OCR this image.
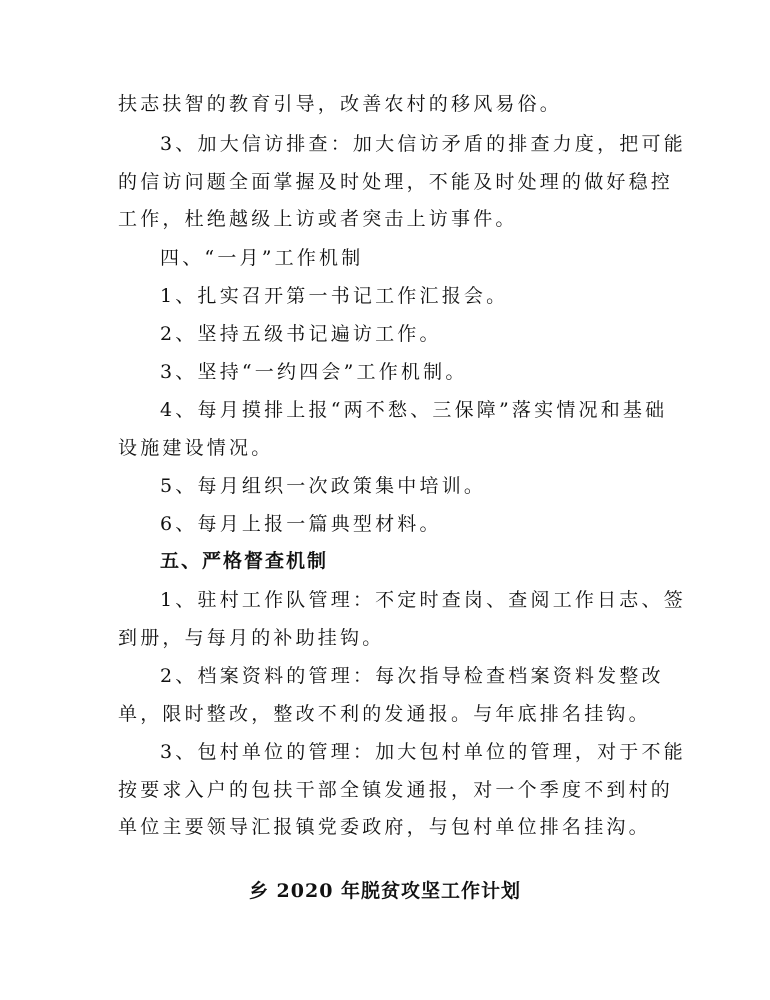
扶志扶智的教育引导，改善农村的移风易俗。
3、加大信访排查：加大信访矛盾的排查力度，把可能
的信访问题全面掌握及时处理，不能及时处理的做好稳控
工作，杜绝越级上访或者突击上访事件。
四、“一月”工作机制
1、扎实召开第一书记工作汇报会。
2、坚持五级书记遍访工作。
3、坚持“一约四会”工作机制。
4、每月摸排上报“两不愁、三保障”落实情况和基础
设施建设情况。
5、每月组织一次政策集中培训。
6、每月上报一篇典型材料。
五、严格督查机制
1、驻村工作队管理：不定时查岗、查阅工作日志、签
到册，与每月的补助挂钩。
2、档案资料的管理：每次指导检查档案资料发整改
单，限时整改，整改不利的发通报。与年底排名挂钩。
3、包村单位的管理：加大包村单位的管理，对于不能
按要求入户的包扶干部全镇发通报，对一个季度不到村的
单位主要领导汇报镇党委政府，与包村单位排名挂沟。
乡 2020 年脱贫攻坚工作计划
